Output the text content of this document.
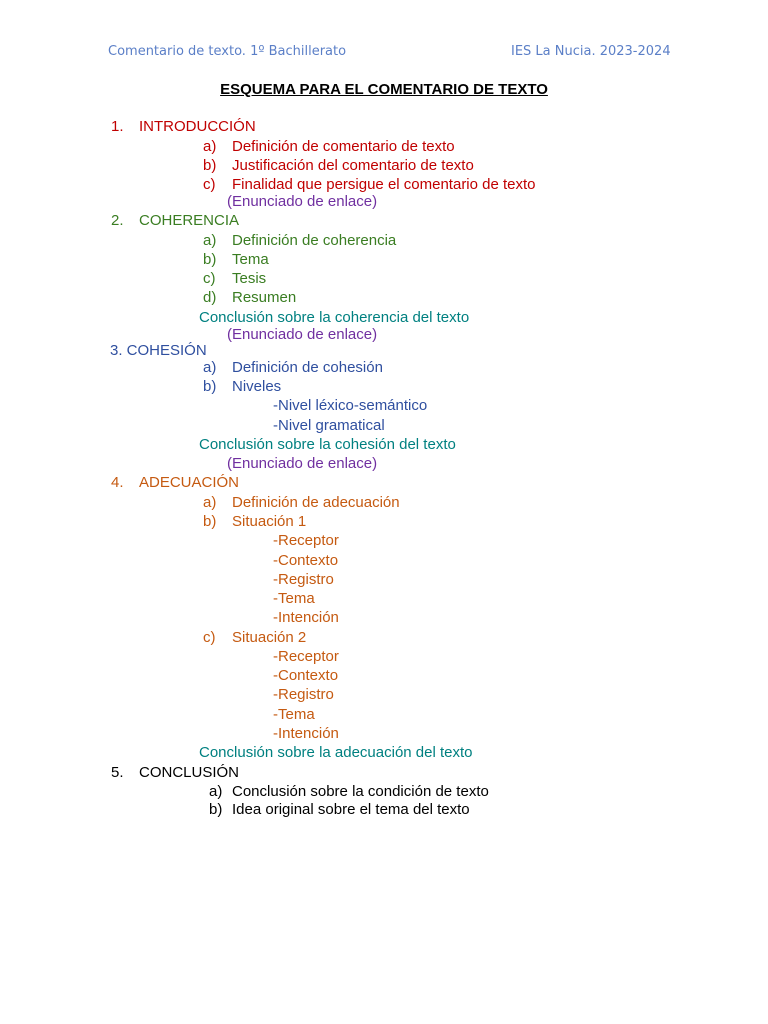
Comentario de texto. 1º Bachillerato	IES La Nucia. 2023-2024
ESQUEMA PARA EL COMENTARIO DE TEXTO
1. INTRODUCCIÓN
a) Definición de comentario de texto
b) Justificación del comentario de texto
c) Finalidad que persigue el comentario de texto
(Enunciado de enlace)
2. COHERENCIA
a) Definición de coherencia
b) Tema
c) Tesis
d) Resumen
Conclusión sobre la coherencia del texto
(Enunciado de enlace)
3. COHESIÓN
a) Definición de cohesión
b) Niveles
-Nivel léxico-semántico
-Nivel gramatical
Conclusión sobre la cohesión del texto
(Enunciado de enlace)
4. ADECUACIÓN
a) Definición de adecuación
b) Situación 1
-Receptor
-Contexto
-Registro
-Tema
-Intención
c) Situación 2
-Receptor
-Contexto
-Registro
-Tema
-Intención
Conclusión sobre la adecuación del texto
5. CONCLUSIÓN
a) Conclusión sobre la condición de texto
b) Idea original sobre el tema del texto
